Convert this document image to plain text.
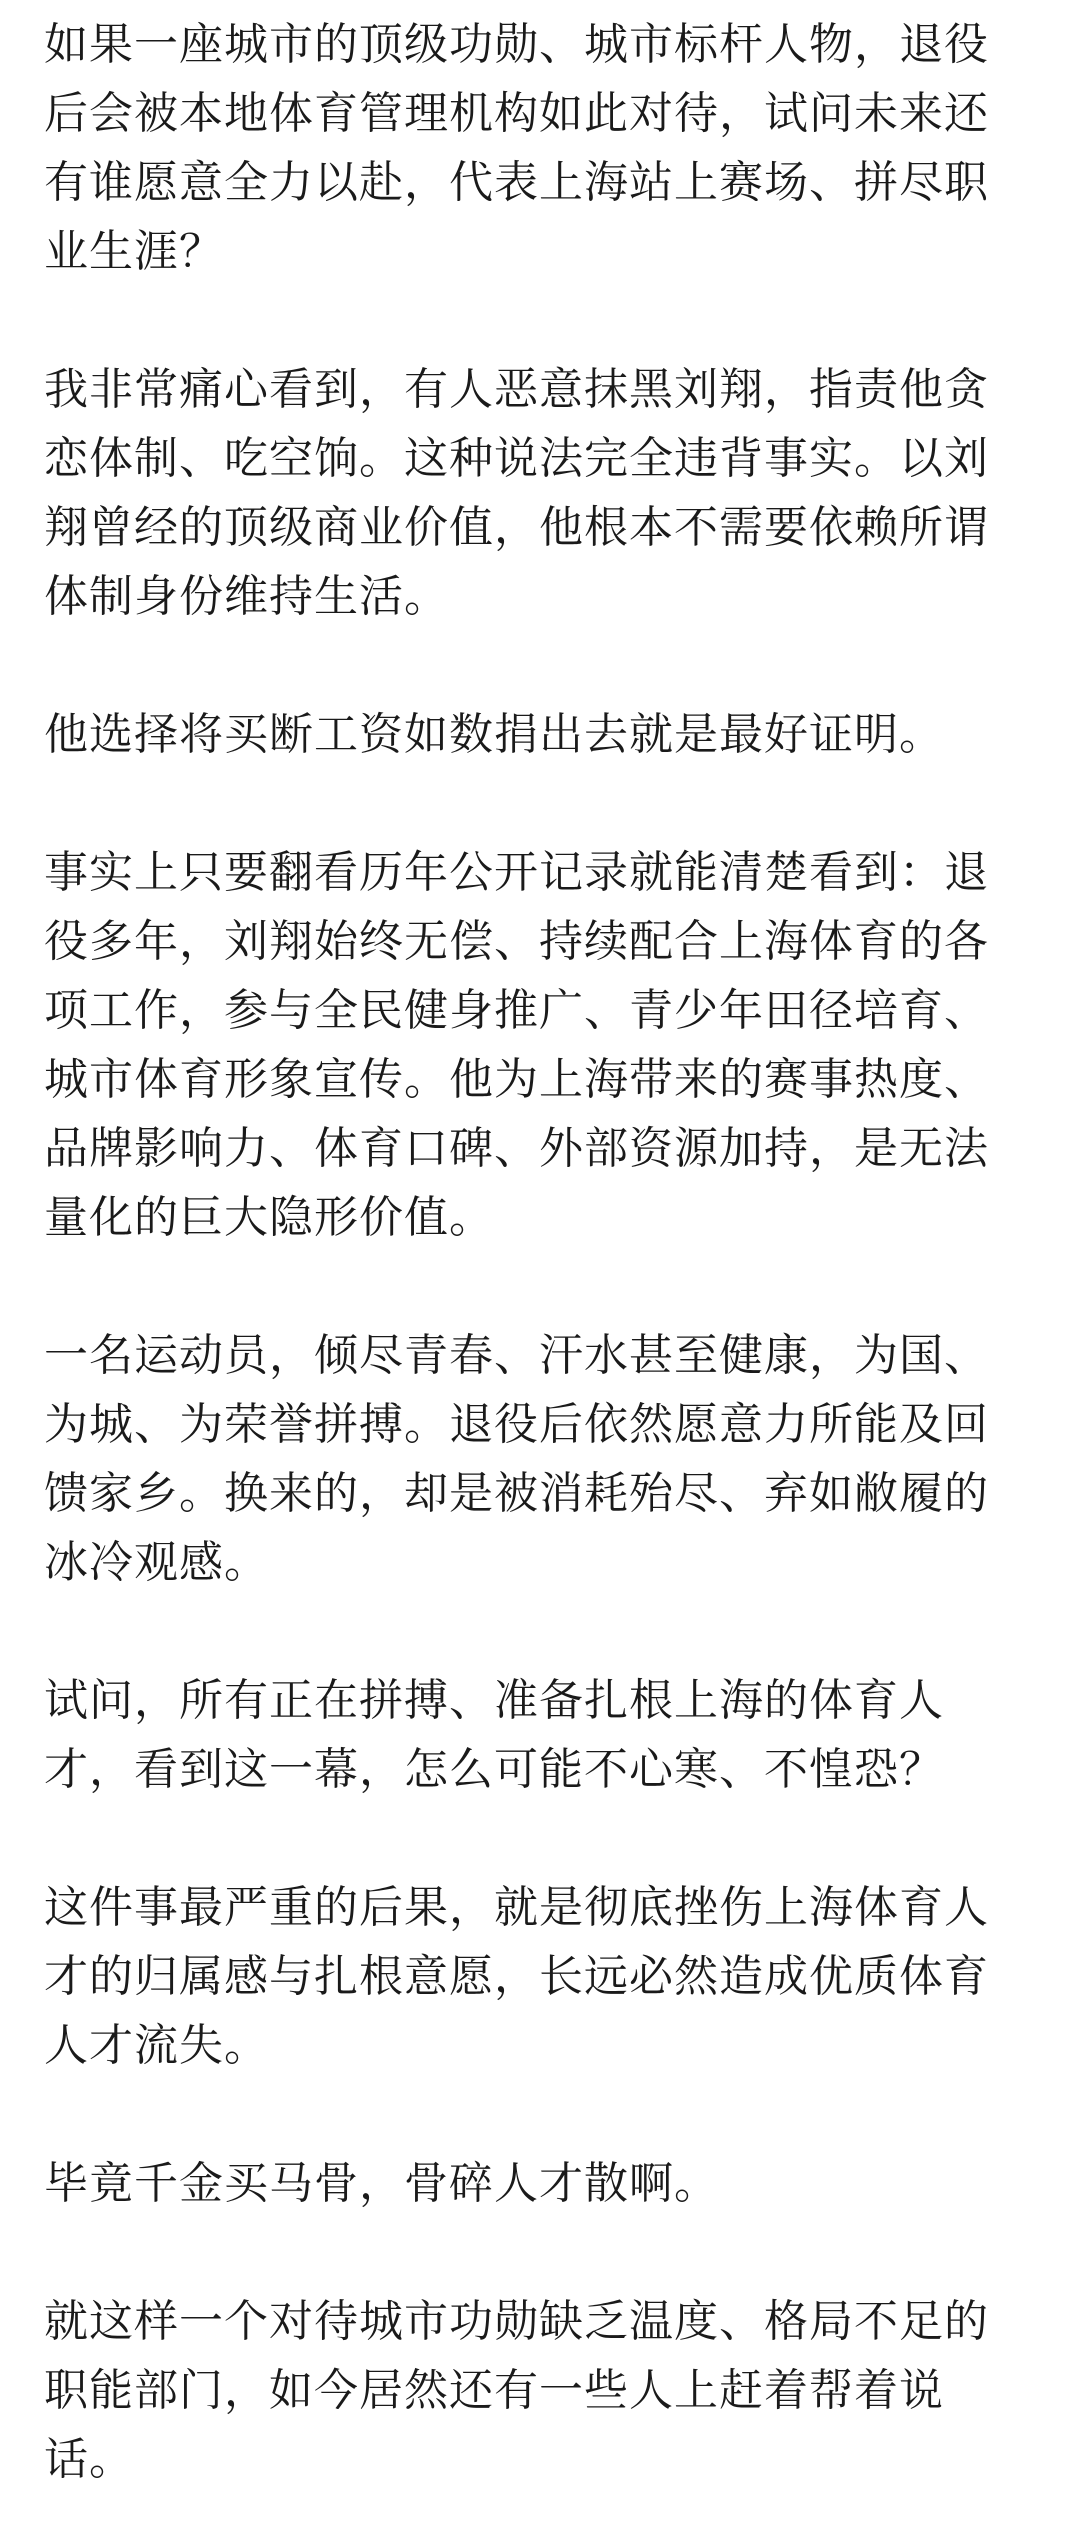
如果一座城市的顶级功勋、城市标杆人物，退役后会被本地体育管理机构如此对待，试问未来还有谁愿意全力以赴，代表上海站上赛场、拼尽职业生涯？

我非常痛心看到，有人恶意抹黑刘翔，指责他贪恋体制、吃空饷。这种说法完全违背事实。以刘翔曾经的顶级商业价值，他根本不需要依赖所谓体制身份维持生活。

他选择将买断工资如数捐出去就是最好证明。

事实上只要翻看历年公开记录就能清楚看到：退役多年，刘翔始终无偿、持续配合上海体育的各项工作，参与全民健身推广、青少年田径培育、城市体育形象宣传。他为上海带来的赛事热度、品牌影响力、体育口碑、外部资源加持，是无法量化的巨大隐形价值。

一名运动员，倾尽青春、汗水甚至健康，为国、为城、为荣誉拼搏。退役后依然愿意力所能及回馈家乡。换来的，却是被消耗殆尽、弃如敝履的冰冷观感。

试问，所有正在拼搏、准备扎根上海的体育人才，看到这一幕，怎么可能不心寒、不惶恐？

这件事最严重的后果，就是彻底挫伤上海体育人才的归属感与扎根意愿，长远必然造成优质体育人才流失。

毕竟千金买马骨，骨碎人才散啊。

就这样一个对待城市功勋缺乏温度、格局不足的职能部门，如今居然还有一些人上赶着帮着说话。
